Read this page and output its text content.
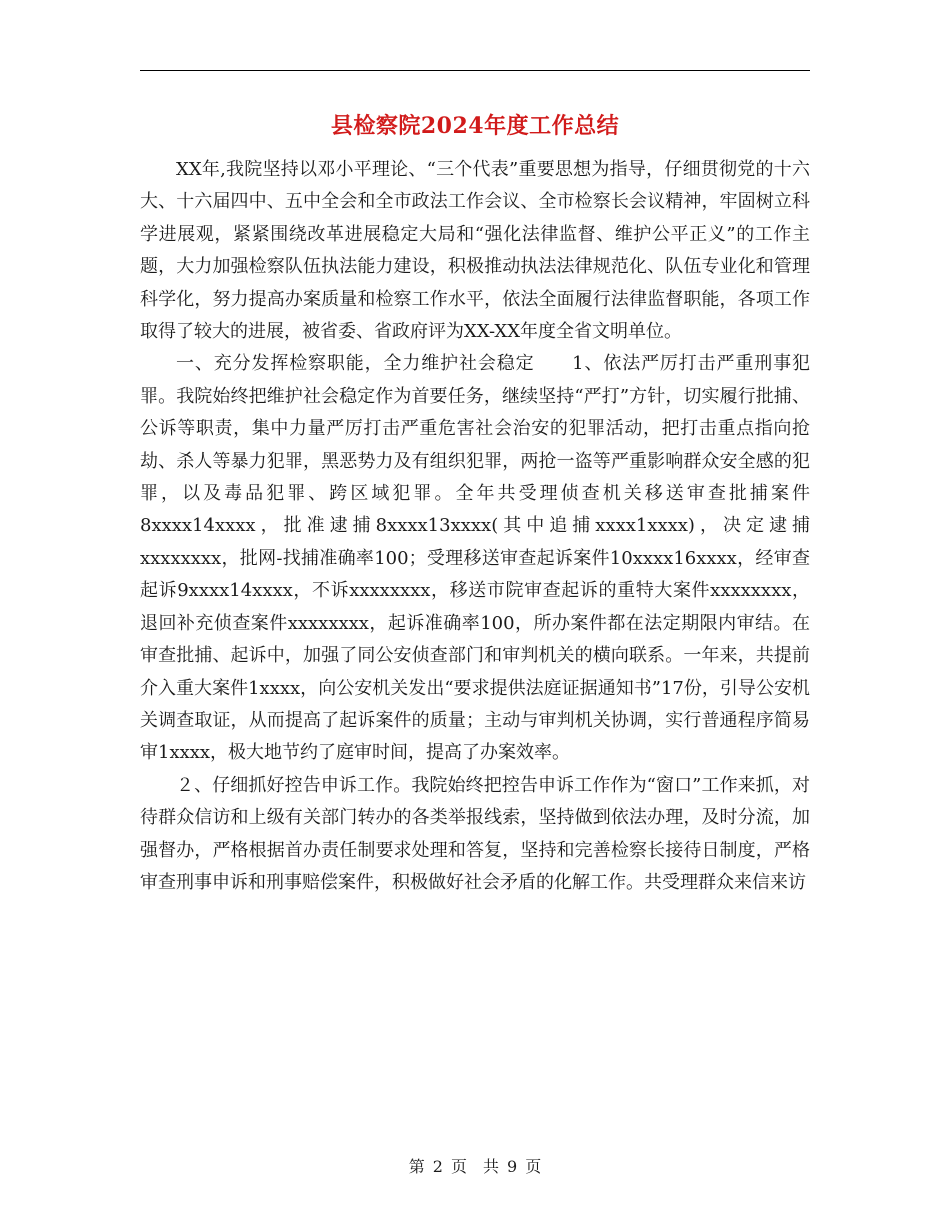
县检察院2024年度工作总结

XX年,我院坚持以邓小平理论、“三个代表”重要思想为指导，仔细贯彻党的十六大、十六届四中、五中全会和全市政法工作会议、全市检察长会议精神，牢固树立科学进展观，紧紧围绕改革进展稳定大局和“强化法律监督、维护公平正义”的工作主题，大力加强检察队伍执法能力建设，积极推动执法法律规范化、队伍专业化和管理科学化，努力提高办案质量和检察工作水平，依法全面履行法律监督职能，各项工作取得了较大的进展，被省委、省政府评为XX-XX年度全省文明单位。

一、充分发挥检察职能，全力维护社会稳定　　1、依法严厉打击严重刑事犯罪。我院始终把维护社会稳定作为首要任务，继续坚持“严打”方针，切实履行批捕、公诉等职责，集中力量严厉打击严重危害社会治安的犯罪活动，把打击重点指向抢劫、杀人等暴力犯罪，黑恶势力及有组织犯罪，两抢一盗等严重影响群众安全感的犯罪，以及毒品犯罪、跨区域犯罪。全年共受理侦查机关移送审查批捕案件8xxxx14xxxx，批准逮捕8xxxx13xxxx(其中追捕xxxx1xxxx)，决定逮捕xxxxxxxx，批网-找捕准确率100；受理移送审查起诉案件10xxxx16xxxx，经审查起诉9xxxx14xxxx，不诉xxxxxxxx，移送市院审查起诉的重特大案件xxxxxxxx，退回补充侦查案件xxxxxxxx，起诉准确率100，所办案件都在法定期限内审结。在审查批捕、起诉中，加强了同公安侦查部门和审判机关的横向联系。一年来，共提前介入重大案件1xxxx，向公安机关发出“要求提供法庭证据通知书”17份，引导公安机关调查取证，从而提高了起诉案件的质量；主动与审判机关协调，实行普通程序简易审1xxxx，极大地节约了庭审时间，提高了办案效率。

２、仔细抓好控告申诉工作。我院始终把控告申诉工作作为“窗口”工作来抓，对待群众信访和上级有关部门转办的各类举报线索，坚持做到依法办理，及时分流，加强督办，严格根据首办责任制要求处理和答复，坚持和完善检察长接待日制度，严格审查刑事申诉和刑事赔偿案件，积极做好社会矛盾的化解工作。共受理群众来信来访

第 2 页　共 9 页
